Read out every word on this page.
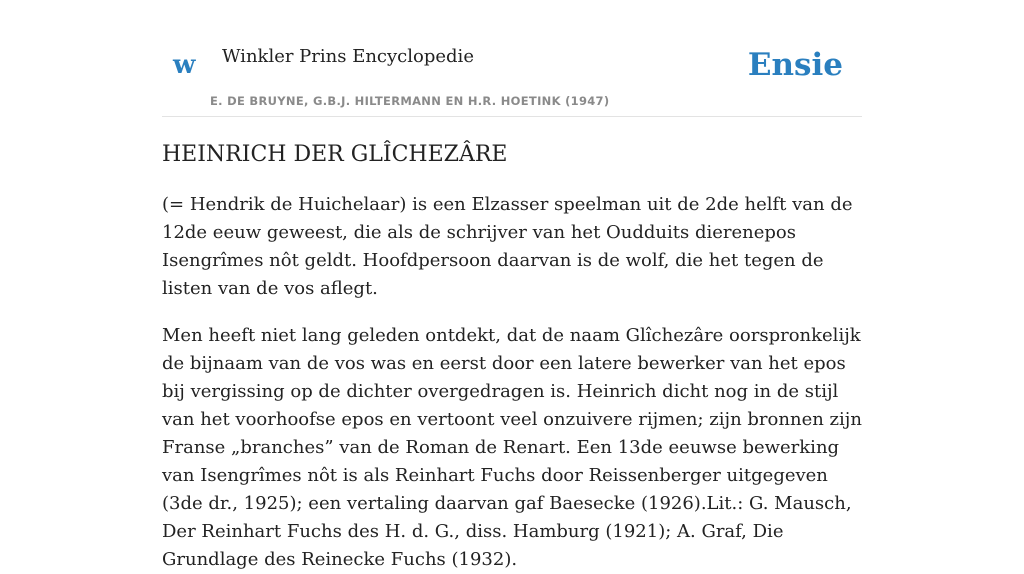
w Winkler Prins Encyclopedie
E. DE BRUYNE, G.B.J. HILTERMANN EN H.R. HOETINK (1947)
Ensie
HEINRICH DER GLÎCHEZÂRE

(= Hendrik de Huichelaar) is een Elzasser speelman uit de 2de helft van de 12de eeuw geweest, die als de schrijver van het Oudduits dierenepos Isengrîmes nôt geldt. Hoofdpersoon daarvan is de wolf, die het tegen de listen van de vos aflegt.

Men heeft niet lang geleden ontdekt, dat de naam Glîchezâre oorspronkelijk de bijnaam van de vos was en eerst door een latere bewerker van het epos bij vergissing op de dichter overgedragen is. Heinrich dicht nog in de stijl van het voorhoofse epos en vertoont veel onzuivere rijmen; zijn bronnen zijn Franse „branches” van de Roman de Renart. Een 13de eeuwse bewerking van Isengrîmes nôt is als Reinhart Fuchs door Reissenberger uitgegeven (3de dr., 1925); een vertaling daarvan gaf Baesecke (1926).Lit.: G. Mausch, Der Reinhart Fuchs des H. d. G., diss. Hamburg (1921); A. Graf, Die Grundlage des Reinecke Fuchs (1932).
